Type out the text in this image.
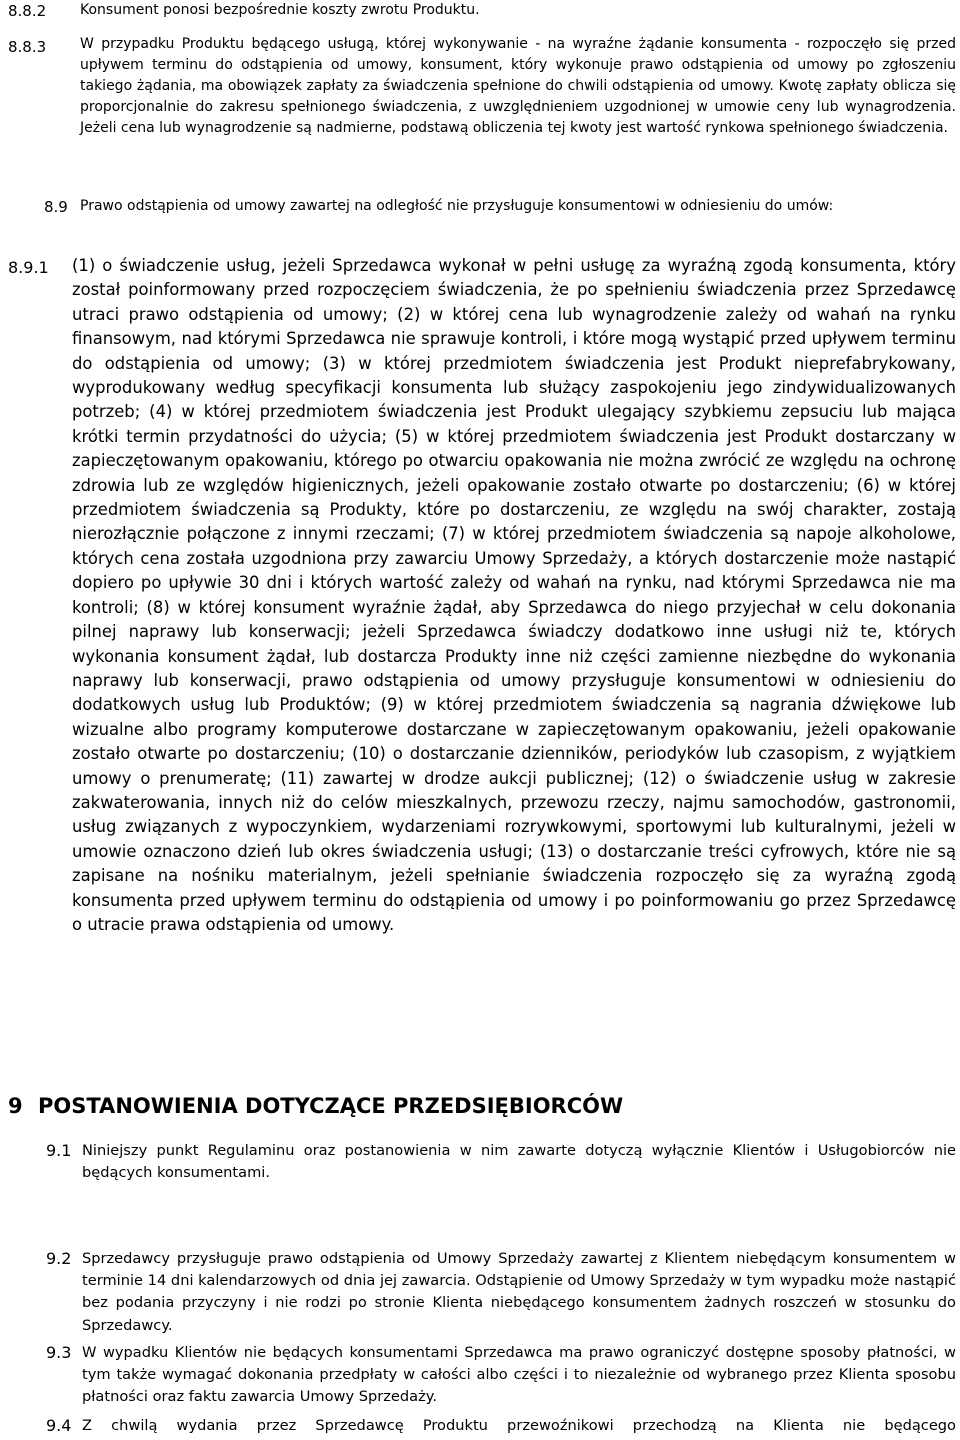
8.8.2 Konsument ponosi bezpośrednie koszty zwrotu Produktu.
8.8.3 W przypadku Produktu będącego usługą, której wykonywanie - na wyraźne żądanie konsumenta - rozpoczęło się przed upływem terminu do odstąpienia od umowy, konsument, który wykonuje prawo odstąpienia od umowy po zgłoszeniu takiego żądania, ma obowiązek zapłaty za świadczenia spełnione do chwili odstąpienia od umowy. Kwotę zapłaty oblicza się proporcjonalnie do zakresu spełnionego świadczenia, z uwzględnieniem uzgodnionej w umowie ceny lub wynagrodzenia. Jeżeli cena lub wynagrodzenie są nadmierne, podstawą obliczenia tej kwoty jest wartość rynkowa spełnionego świadczenia.
8.9 Prawo odstąpienia od umowy zawartej na odległość nie przysługuje konsumentowi w odniesieniu do umów:
8.9.1 (1) o świadczenie usług, jeżeli Sprzedawca wykonał w pełni usługę za wyraźną zgodą konsumenta, który został poinformowany przed rozpoczęciem świadczenia, że po spełnieniu świadczenia przez Sprzedawcę utraci prawo odstąpienia od umowy; (2) w której cena lub wynagrodzenie zależy od wahań na rynku finansowym, nad którymi Sprzedawca nie sprawuje kontroli, i które mogą wystąpić przed upływem terminu do odstąpienia od umowy; (3) w której przedmiotem świadczenia jest Produkt nieprefabrykowany, wyprodukowany według specyfikacji konsumenta lub służący zaspokojeniu jego zindywidualizowanych potrzeb; (4) w której przedmiotem świadczenia jest Produkt ulegający szybkiemu zepsuciu lub mająca krótki termin przydatności do użycia; (5) w której przedmiotem świadczenia jest Produkt dostarczany w zapieczętowanym opakowaniu, którego po otwarciu opakowania nie można zwrócić ze względu na ochronę zdrowia lub ze względów higienicznych, jeżeli opakowanie zostało otwarte po dostarczeniu; (6) w której przedmiotem świadczenia są Produkty, które po dostarczeniu, ze względu na swój charakter, zostają nierozłącznie połączone z innymi rzeczami; (7) w której przedmiotem świadczenia są napoje alkoholowe, których cena została uzgodniona przy zawarciu Umowy Sprzedaży, a których dostarczenie może nastąpić dopiero po upływie 30 dni i których wartość zależy od wahań na rynku, nad którymi Sprzedawca nie ma kontroli; (8) w której konsument wyraźnie żądał, aby Sprzedawca do niego przyjechał w celu dokonania pilnej naprawy lub konserwacji; jeżeli Sprzedawca świadczy dodatkowo inne usługi niż te, których wykonania konsument żądał, lub dostarcza Produkty inne niż części zamienne niezbędne do wykonania naprawy lub konserwacji, prawo odstąpienia od umowy przysługuje konsumentowi w odniesieniu do dodatkowych usług lub Produktów; (9) w której przedmiotem świadczenia są nagrania dźwiękowe lub wizualne albo programy komputerowe dostarczane w zapieczętowanym opakowaniu, jeżeli opakowanie zostało otwarte po dostarczeniu; (10) o dostarczanie dzienników, periodyków lub czasopism, z wyjątkiem umowy o prenumeratę; (11) zawartej w drodze aukcji publicznej; (12) o świadczenie usług w zakresie zakwaterowania, innych niż do celów mieszkalnych, przewozu rzeczy, najmu samochodów, gastronomii, usług związanych z wypoczynkiem, wydarzeniami rozrywkowymi, sportowymi lub kulturalnymi, jeżeli w umowie oznaczono dzień lub okres świadczenia usługi; (13) o dostarczanie treści cyfrowych, które nie są zapisane na nośniku materialnym, jeżeli spełnianie świadczenia rozpoczęło się za wyraźną zgodą konsumenta przed upływem terminu do odstąpienia od umowy i po poinformowaniu go przez Sprzedawcę o utracie prawa odstąpienia od umowy.
9 POSTANOWIENIA DOTYCZĄCE PRZEDSIĘBIORCÓW
9.1 Niniejszy punkt Regulaminu oraz postanowienia w nim zawarte dotyczą wyłącznie Klientów i Usługobiorców nie będących konsumentami.
9.2 Sprzedawcy przysługuje prawo odstąpienia od Umowy Sprzedaży zawartej z Klientem niebędącym konsumentem w terminie 14 dni kalendarzowych od dnia jej zawarcia. Odstąpienie od Umowy Sprzedaży w tym wypadku może nastąpić bez podania przyczyny i nie rodzi po stronie Klienta niebędącego konsumentem żadnych roszczeń w stosunku do Sprzedawcy.
9.3 W wypadku Klientów nie będących konsumentami Sprzedawca ma prawo ograniczyć dostępne sposoby płatności, w tym także wymagać dokonania przedpłaty w całości albo części i to niezależnie od wybranego przez Klienta sposobu płatności oraz faktu zawarcia Umowy Sprzedaży.
9.4 Z chwilą wydania przez Sprzedawcę Produktu przewoźnikowi przechodzą na Klienta nie będącego
